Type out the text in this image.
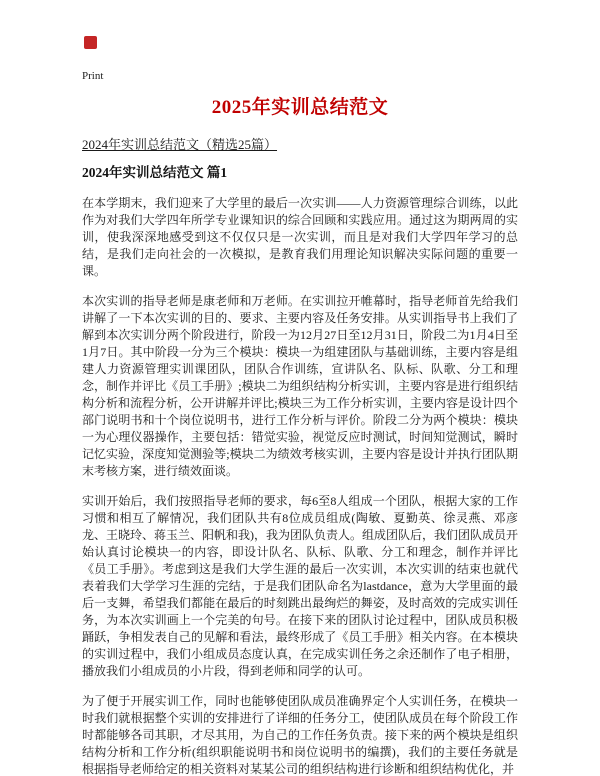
Print
2025年实训总结范文
2024年实训总结范文（精选25篇）
2024年实训总结范文 篇1

在本学期末，我们迎来了大学里的最后一次实训——人力资源管理综合训练，以此作为对我们大学四年所学专业课知识的综合回顾和实践应用。通过这为期两周的实训，使我深深地感受到这不仅仅只是一次实训，而且是对我们大学四年学习的总结，是我们走向社会的一次模拟，是教育我们用理论知识解决实际问题的重要一课。

本次实训的指导老师是康老师和万老师。在实训拉开帷幕时，指导老师首先给我们讲解了一下本次实训的目的、要求、主要内容及任务安排。从实训指导书上我们了解到本次实训分两个阶段进行，阶段一为12月27日至12月31日，阶段二为1月4日至1月7日。其中阶段一分为三个模块：模块一为组建团队与基础训练，主要内容是组建人力资源管理实训课团队，团队合作训练，宣讲队名、队标、队歌、分工和理念，制作并评比《员工手册》;模块二为组织结构分析实训，主要内容是进行组织结构分析和流程分析，公开讲解并评比;模块三为工作分析实训，主要内容是设计四个部门说明书和十个岗位说明书，进行工作分析与评价。阶段二分为两个模块：模块一为心理仪器操作，主要包括：错觉实验，视觉反应时测试，时间知觉测试，瞬时记忆实验，深度知觉测验等;模块二为绩效考核实训，主要内容是设计并执行团队期末考核方案，进行绩效面谈。

实训开始后，我们按照指导老师的要求，每6至8人组成一个团队，根据大家的工作习惯和相互了解情况，我们团队共有8位成员组成(陶敏、夏勤英、徐灵燕、邓彦龙、王晓玲、蒋玉兰、阳帆和我)，我为团队负责人。组成团队后，我们团队成员开始认真讨论模块一的内容，即设计队名、队标、队歌、分工和理念，制作并评比《员工手册》。考虑到这是我们大学生涯的最后一次实训，本次实训的结束也就代表着我们大学学习生涯的完结，于是我们团队命名为lastdance，意为大学里面的最后一支舞，希望我们都能在最后的时刻跳出最绚烂的舞姿，及时高效的完成实训任务，为本次实训画上一个完美的句号。在接下来的团队讨论过程中，团队成员积极踊跃，争相发表自己的见解和看法，最终形成了《员工手册》相关内容。在本模块的实训过程中，我们小组成员态度认真，在完成实训任务之余还制作了电子相册，播放我们小组成员的小片段，得到老师和同学的认可。

为了便于开展实训工作，同时也能够使团队成员准确界定个人实训任务，在模块一时我们就根据整个实训的安排进行了详细的任务分工，使团队成员在每个阶段工作时都能够各司其职，才尽其用，为自己的工作任务负责。接下来的两个模块是组织结构分析和工作分析(组织职能说明书和岗位说明书的编撰)，我们的主要任务就是根据指导老师给定的相关资料对某某公司的组织结构进行诊断和组织结构优化，并
